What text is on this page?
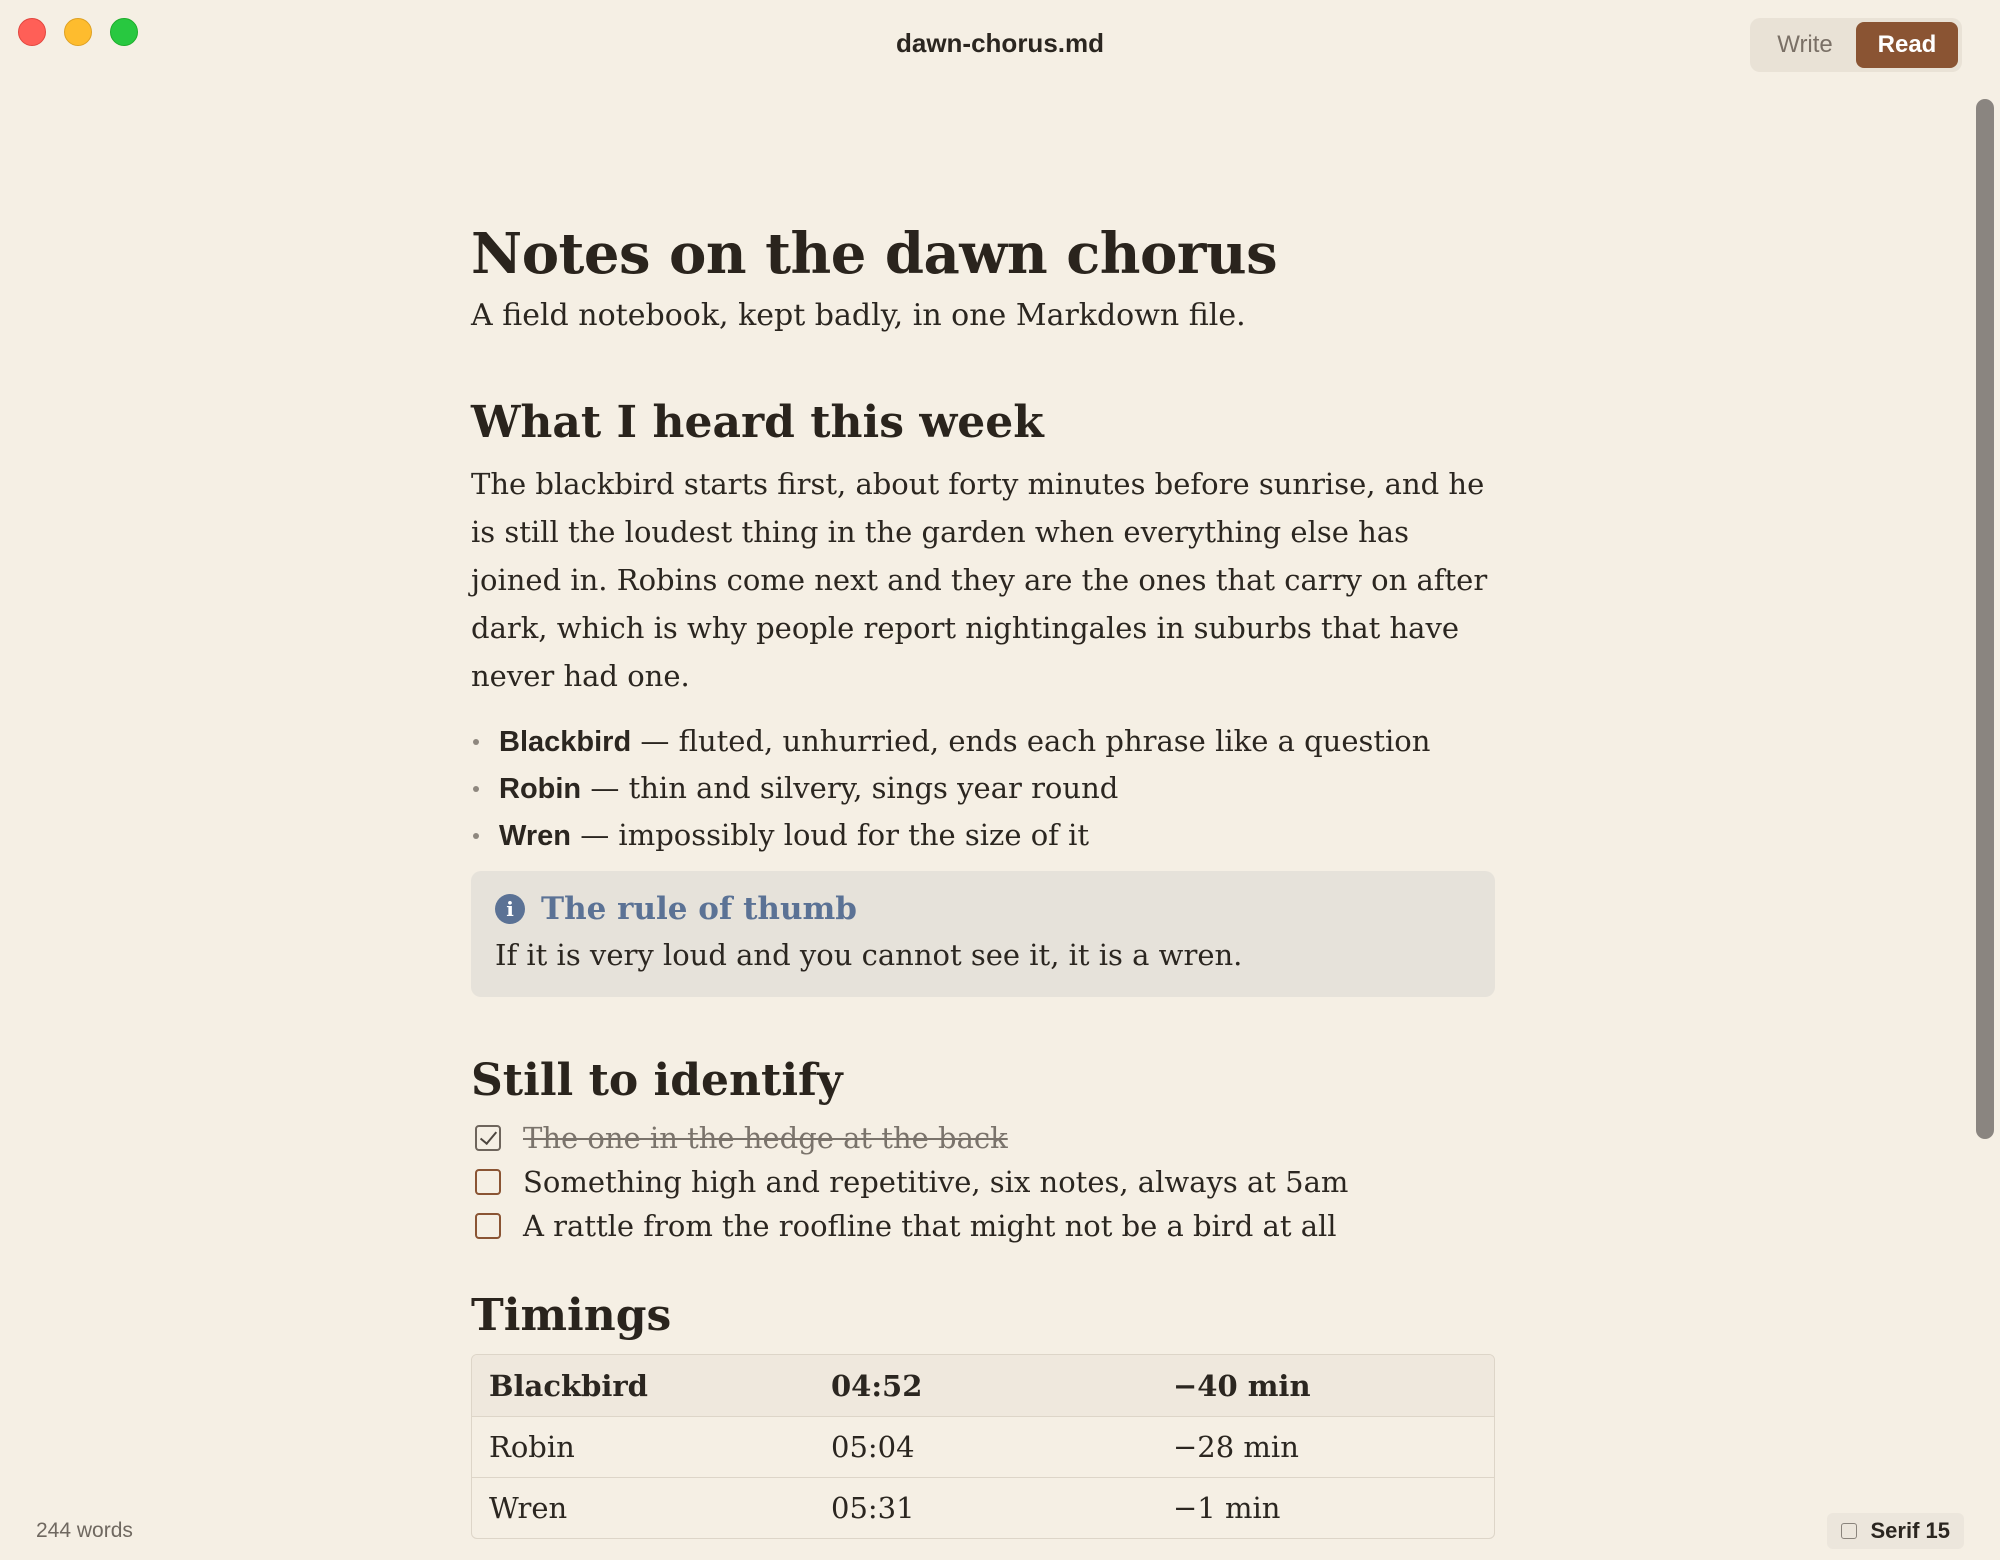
dawn-chorus.md	Write	Read
Notes on the dawn chorus

A field notebook, kept badly, in one Markdown file.

What I heard this week

The blackbird starts first, about forty minutes before sunrise, and he is still the loudest thing in the garden when everything else has joined in. Robins come next and they are the ones that carry on after dark, which is why people report nightingales in suburbs that have never had one.

Blackbird — fluted, unhurried, ends each phrase like a question
Robin — thin and silvery, sings year round
Wren — impossibly loud for the size of it
i The rule of thumb

If it is very loud and you cannot see it, it is a wren.

Still to identify
The one in the hedge at the back
Something high and repetitive, six notes, always at 5am
A rattle from the roofline that might not be a bird at all
Timings
Blackbird	04:52	−40 min
Robin	05:04	−28 min
Wren	05:31	−1 min
244 words	Serif 15
